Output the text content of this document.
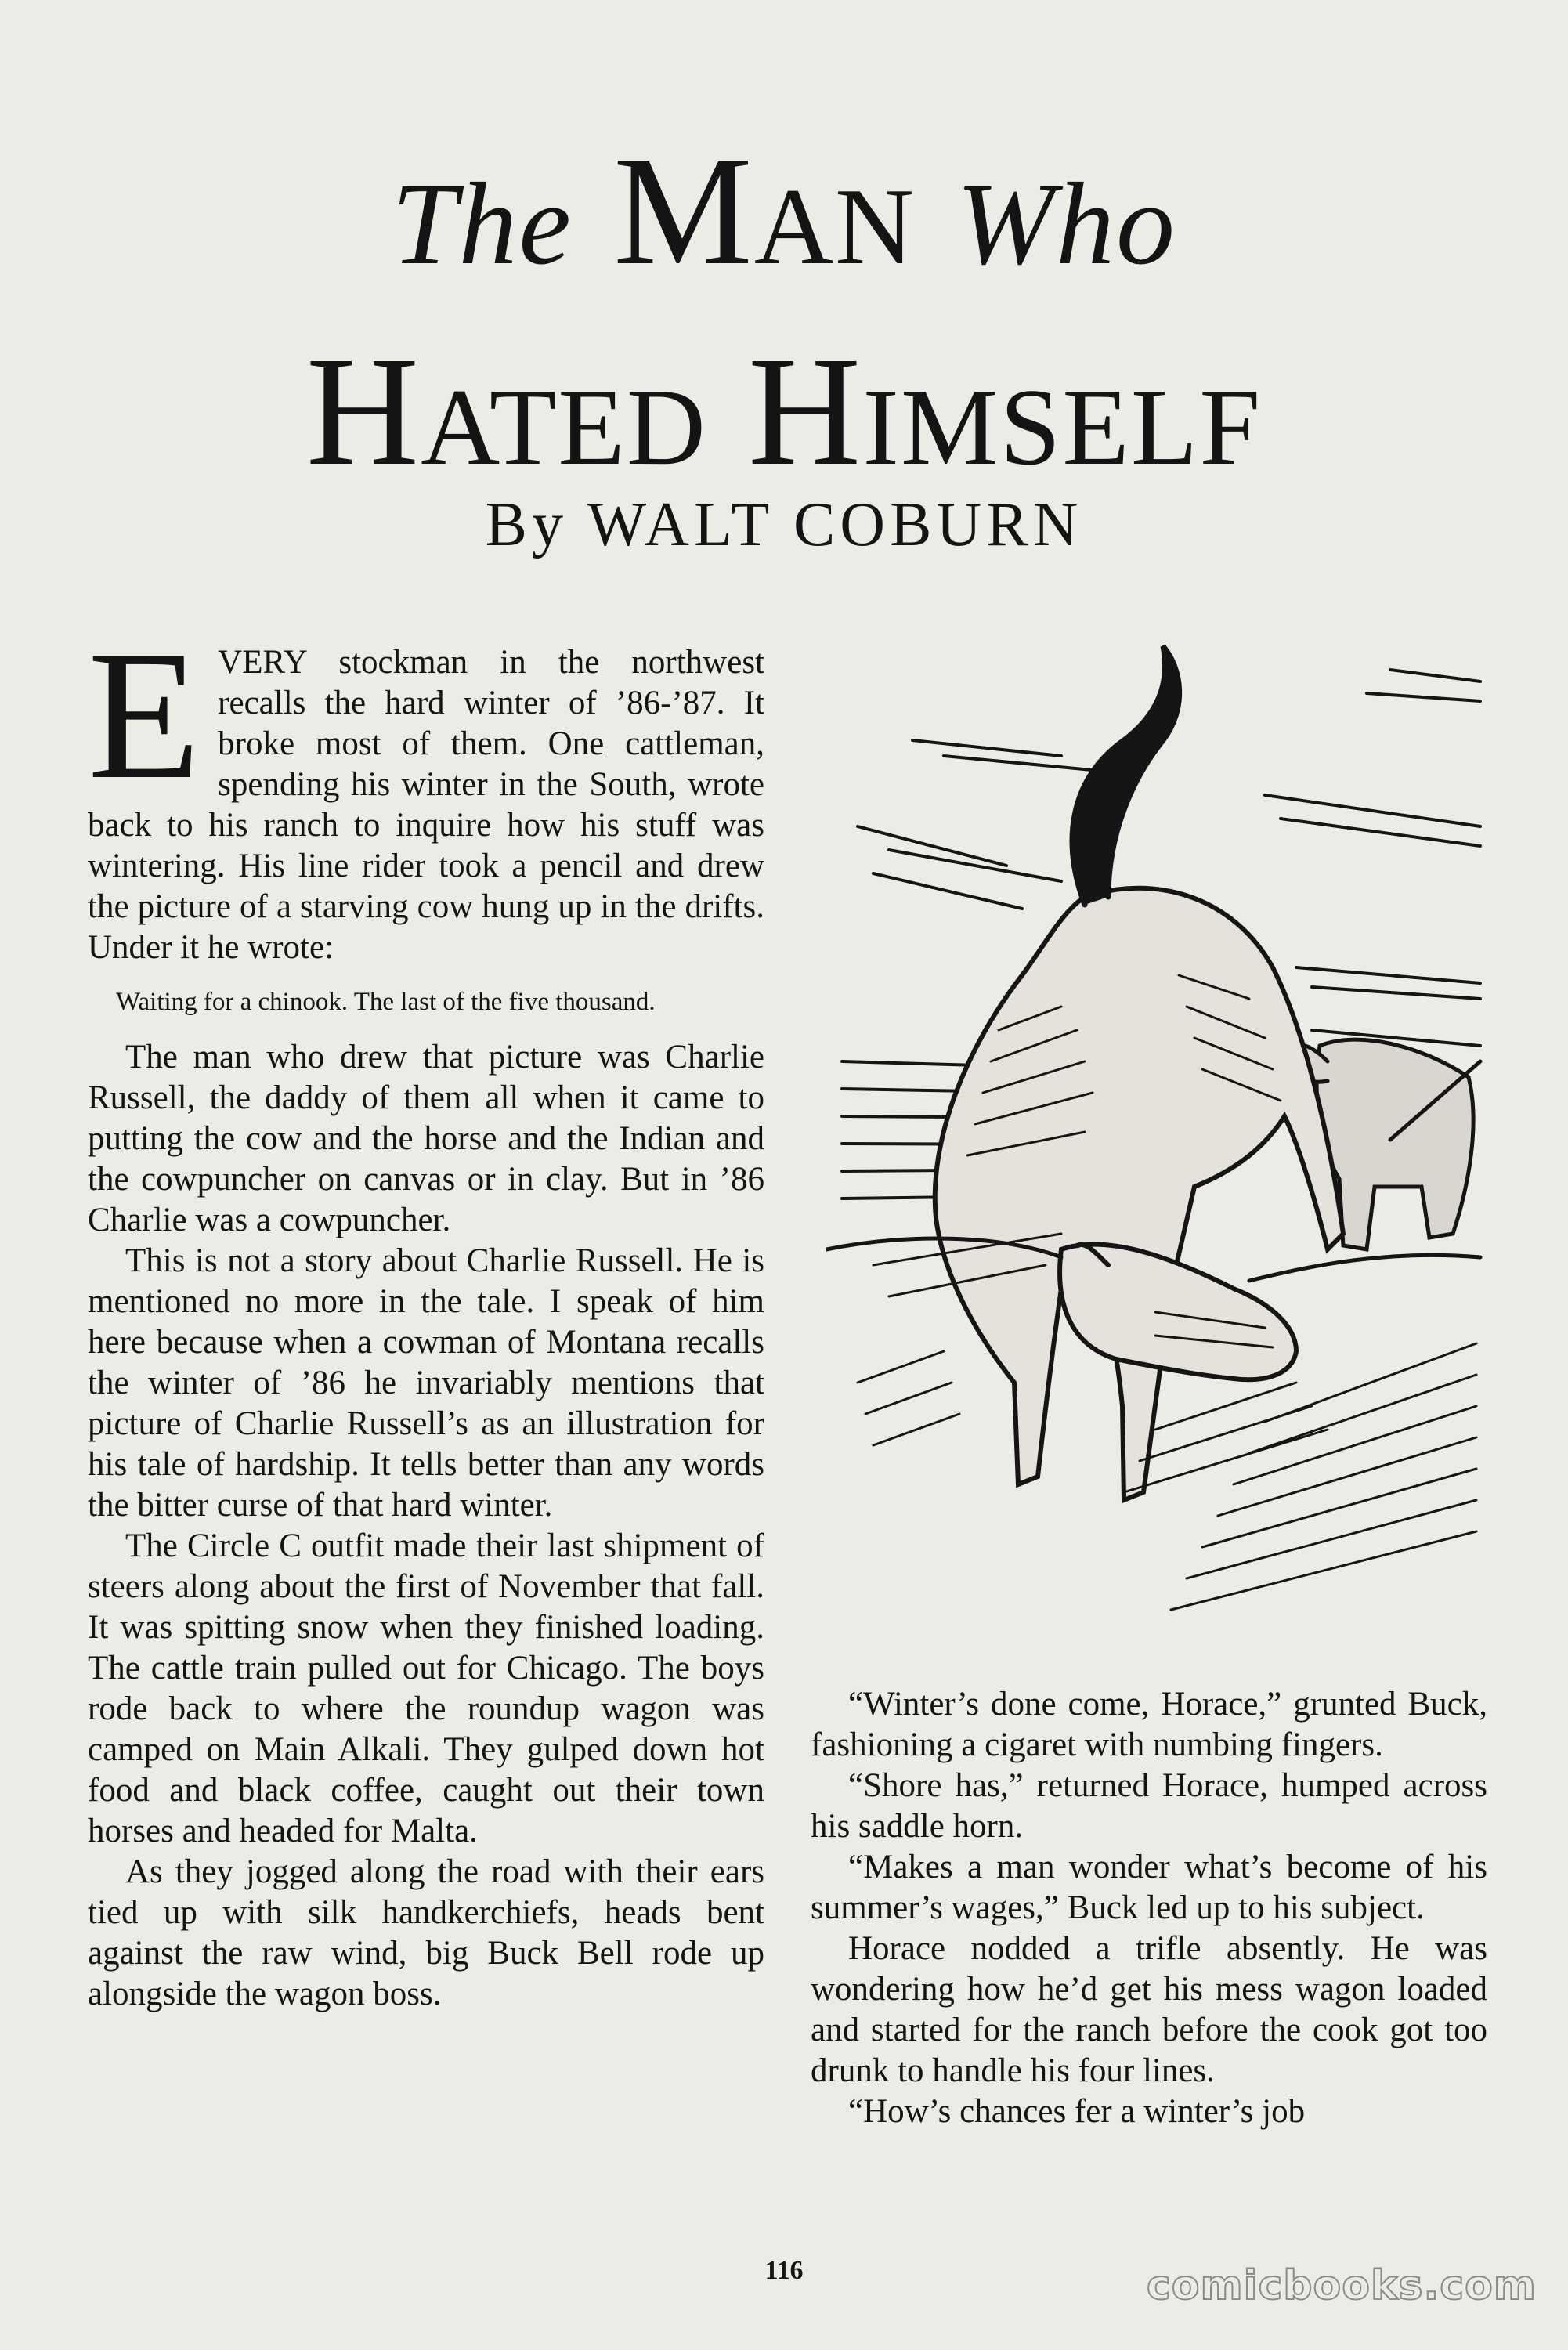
The Man Who
Hated Himself
By WALT COBURN
E VERY stockman in the northwest recalls the hard winter of ’86-’87. It broke most of them. One cattleman, spending his winter in the South, wrote back to his ranch to inquire how his stuff was wintering. His line rider took a pencil and drew the picture of a starving cow hung up in the drifts. Under it he wrote:

Waiting for a chinook. The last of the five thousand.

The man who drew that picture was Charlie Russell, the daddy of them all when it came to putting the cow and the horse and the Indian and the cowpuncher on canvas or in clay. But in ’86 Charlie was a cowpuncher.

This is not a story about Charlie Russell. He is mentioned no more in the tale. I speak of him here because when a cowman of Montana recalls the winter of ’86 he invariably mentions that picture of Charlie Russell’s as an illustration for his tale of hardship. It tells better than any words the bitter curse of that hard winter.

The Circle C outfit made their last shipment of steers along about the first of November that fall. It was spitting snow when they finished loading. The cattle train pulled out for Chicago. The boys rode back to where the roundup wagon was camped on Main Alkali. They gulped down hot food and black coffee, caught out their town horses and headed for Malta.

As they jogged along the road with their ears tied up with silk handkerchiefs, heads bent against the raw wind, big Buck Bell rode up alongside the wagon boss.

“Winter’s done come, Horace,” grunted Buck, fashioning a cigaret with numbing fingers.

“Shore has,” returned Horace, humped across his saddle horn.

“Makes a man wonder what’s become of his summer’s wages,” Buck led up to his subject.

Horace nodded a trifle absently. He was wondering how he’d get his mess wagon loaded and started for the ranch before the cook got too drunk to handle his four lines.

“How’s chances fer a winter’s job

116	comicbooks.com
